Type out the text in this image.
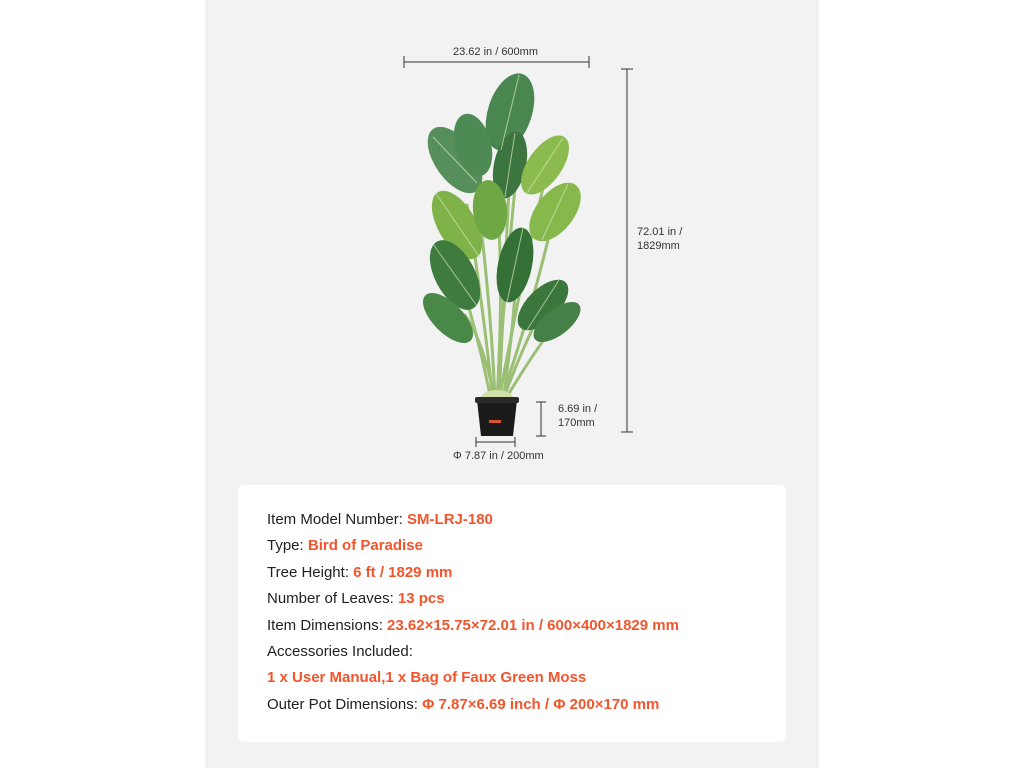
23.62 in / 600mm
72.01 in /
1829mm
6.69 in /
170mm
Φ 7.87 in / 200mm
Item Model Number: SM-LRJ-180
Type: Bird of Paradise
Tree Height: 6 ft / 1829 mm
Number of Leaves: 13 pcs
Item Dimensions: 23.62×15.75×72.01 in / 600×400×1829 mm
Accessories Included:
1 x User Manual,1 x Bag of Faux Green Moss
Outer Pot Dimensions: Φ 7.87×6.69 inch / Φ 200×170 mm
